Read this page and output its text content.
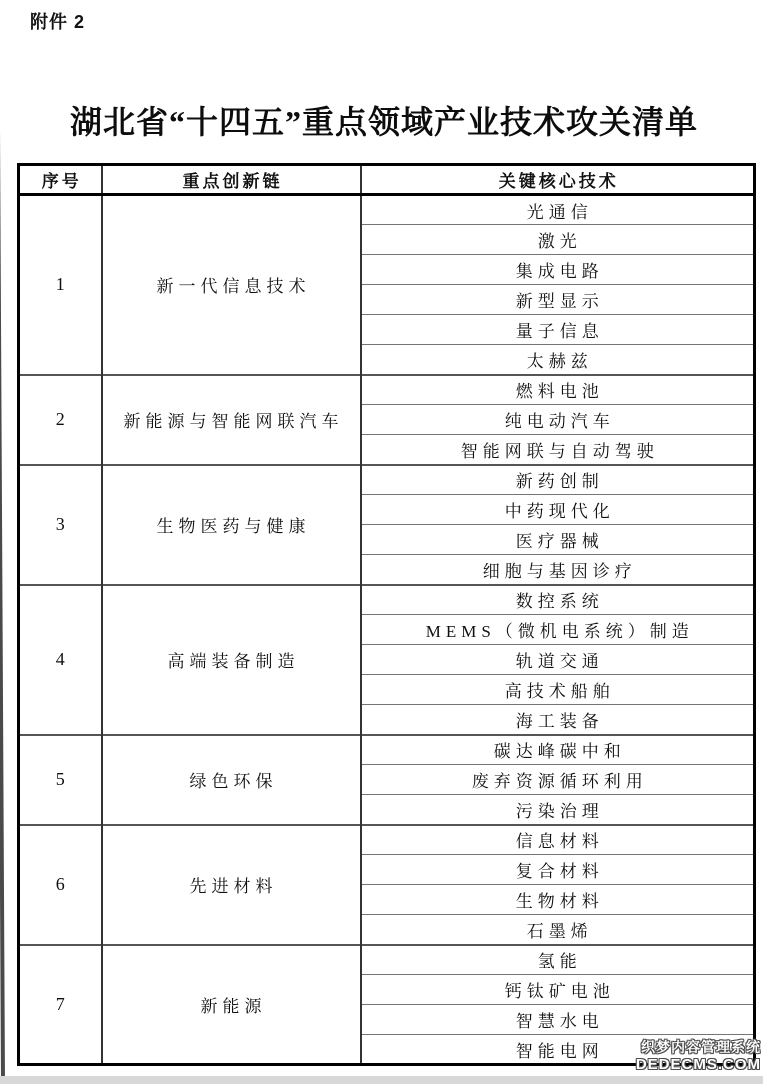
附件 2
湖北省“十四五”重点领域产业技术攻关清单
序号	重点创新链	关键核心技术
1	新一代信息技术	光通信
		激光
		集成电路
		新型显示
		量子信息
		太赫兹
2	新能源与智能网联汽车	燃料电池
		纯电动汽车
		智能网联与自动驾驶
3	生物医药与健康	新药创制
		中药现代化
		医疗器械
		细胞与基因诊疗
4	高端装备制造	数控系统
		MEMS（微机电系统）制造
		轨道交通
		高技术船舶
		海工装备
5	绿色环保	碳达峰碳中和
		废弃资源循环利用
		污染治理
6	先进材料	信息材料
		复合材料
		生物材料
		石墨烯
7	新能源	氢能
		钙钛矿电池
		智慧水电
		智能电网	织梦内容管理系统
DEDECMS.COM
